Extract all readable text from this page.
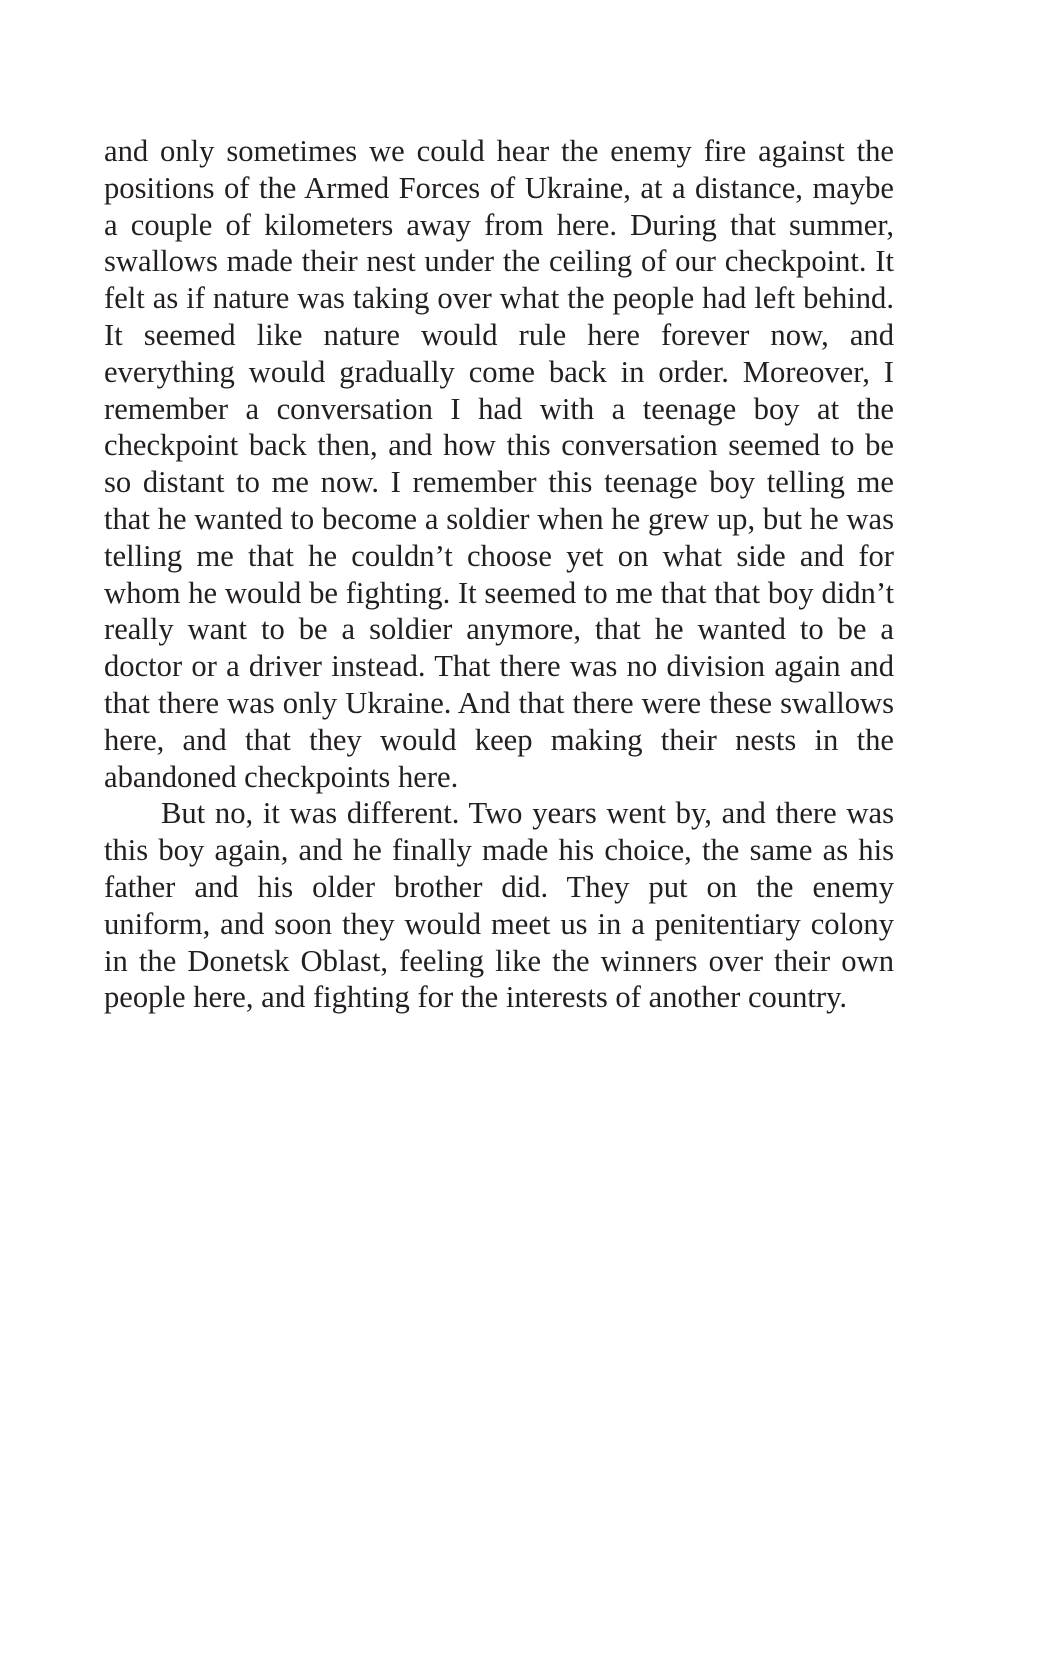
and only sometimes we could hear the enemy fire against the positions of the Armed Forces of Ukraine, at a distance, maybe a couple of kilometers away from here. During that summer, swallows made their nest under the ceiling of our checkpoint. It felt as if nature was taking over what the people had left behind. It seemed like nature would rule here forever now, and everything would gradually come back in order. Moreover, I remember a conversation I had with a teenage boy at the checkpoint back then, and how this conversation seemed to be so distant to me now. I remember this teenage boy telling me that he wanted to become a soldier when he grew up, but he was telling me that he couldn’t choose yet on what side and for whom he would be fighting. It seemed to me that that boy didn’t really want to be a soldier anymore, that he wanted to be a doctor or a driver instead. That there was no division again and that there was only Ukraine. And that there were these swallows here, and that they would keep making their nests in the abandoned checkpoints here.

But no, it was different. Two years went by, and there was this boy again, and he finally made his choice, the same as his father and his older brother did. They put on the enemy uniform, and soon they would meet us in a penitentiary colony in the Donetsk Oblast, feeling like the winners over their own people here, and fighting for the interests of another country.
